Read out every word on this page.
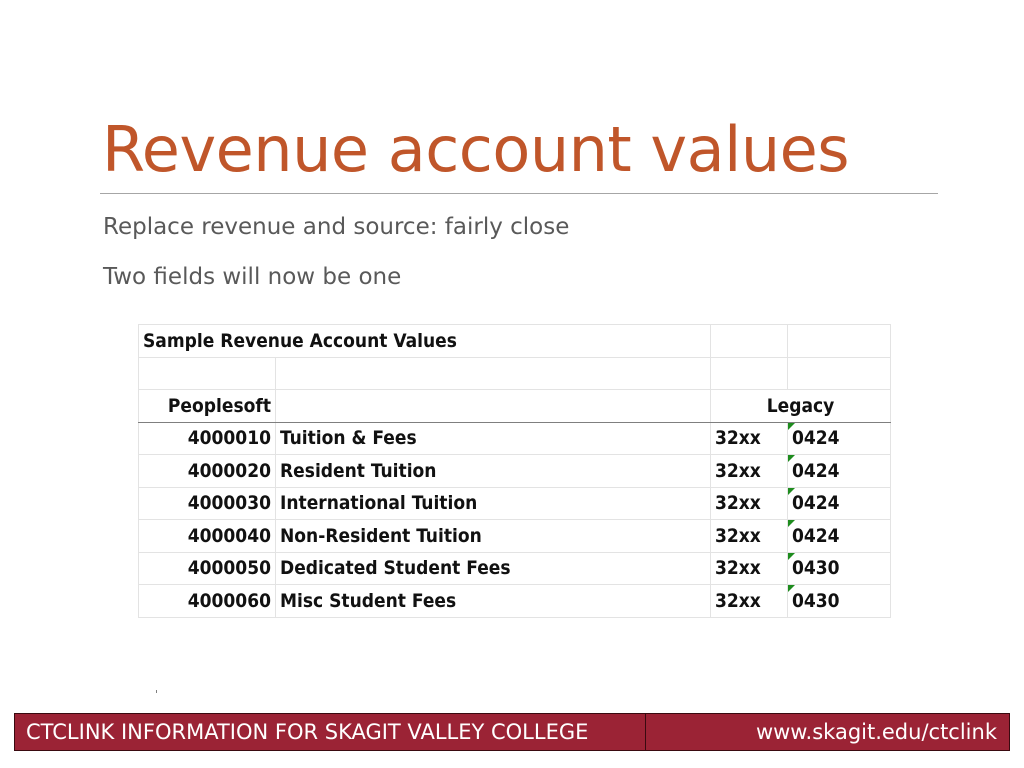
Revenue account values

Replace revenue and source: fairly close

Two fields will now be one

Sample Revenue Account Values			

Peoplesoft		Legacy	
4000010	Tuition & Fees	32xx	0424
4000020	Resident Tuition	32xx	0424
4000030	International Tuition	32xx	0424
4000040	Non-Resident Tuition	32xx	0424
4000050	Dedicated Student Fees	32xx	0430
4000060	Misc Student Fees	32xx	0430
CTCLINK INFORMATION FOR SKAGIT VALLEY COLLEGE	www.skagit.edu/ctclink
